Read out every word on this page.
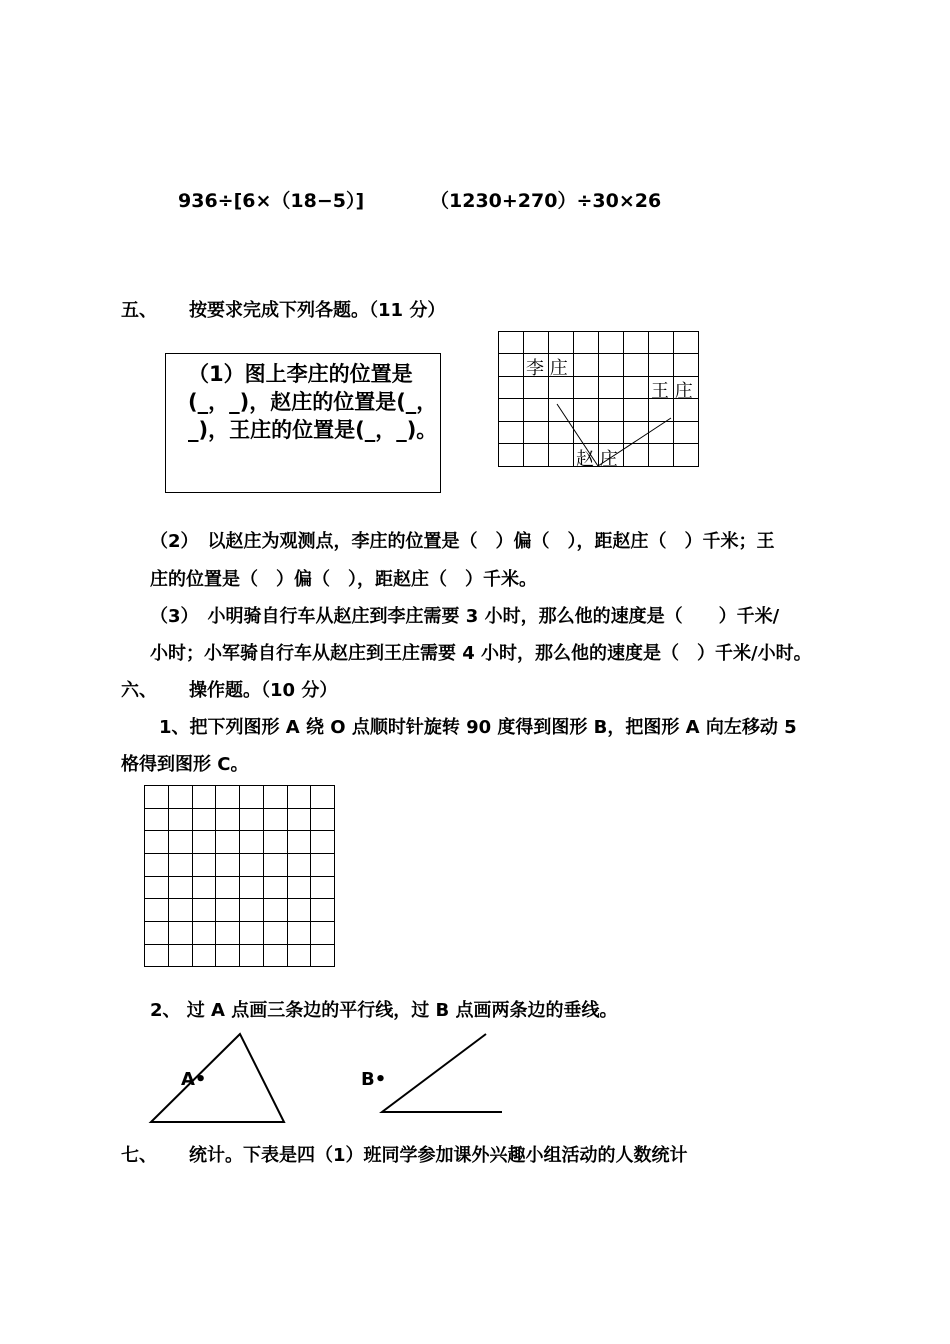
936÷[6×（18−5）]	（1230+270）÷30×26
五、 按要求完成下列各题。（11 分）
（1）图上李庄的位置是(_，_)，赵庄的位置是(_，_)，王庄的位置是(_，_)。
李 庄
王 庄
赵 庄
（2）　以赵庄为观测点，李庄的位置是（　）偏（　），距赵庄（　）千米；王
庄的位置是（　）偏（　），距赵庄（　）千米。
（3）　小明骑自行车从赵庄到李庄需要 3 小时，那么他的速度是（　　）千米/
小时；小军骑自行车从赵庄到王庄需要 4 小时，那么他的速度是（　）千米/小时。
六、 操作题。（10 分）
1、把下列图形 A 绕 O 点顺时针旋转 90 度得到图形 B，把图形 A 向左移动 5
格得到图形 C。
2、 过 A 点画三条边的平行线，过 B 点画两条边的垂线。
A•	B•
七、 统计。下表是四（1）班同学参加课外兴趣小组活动的人数统计
